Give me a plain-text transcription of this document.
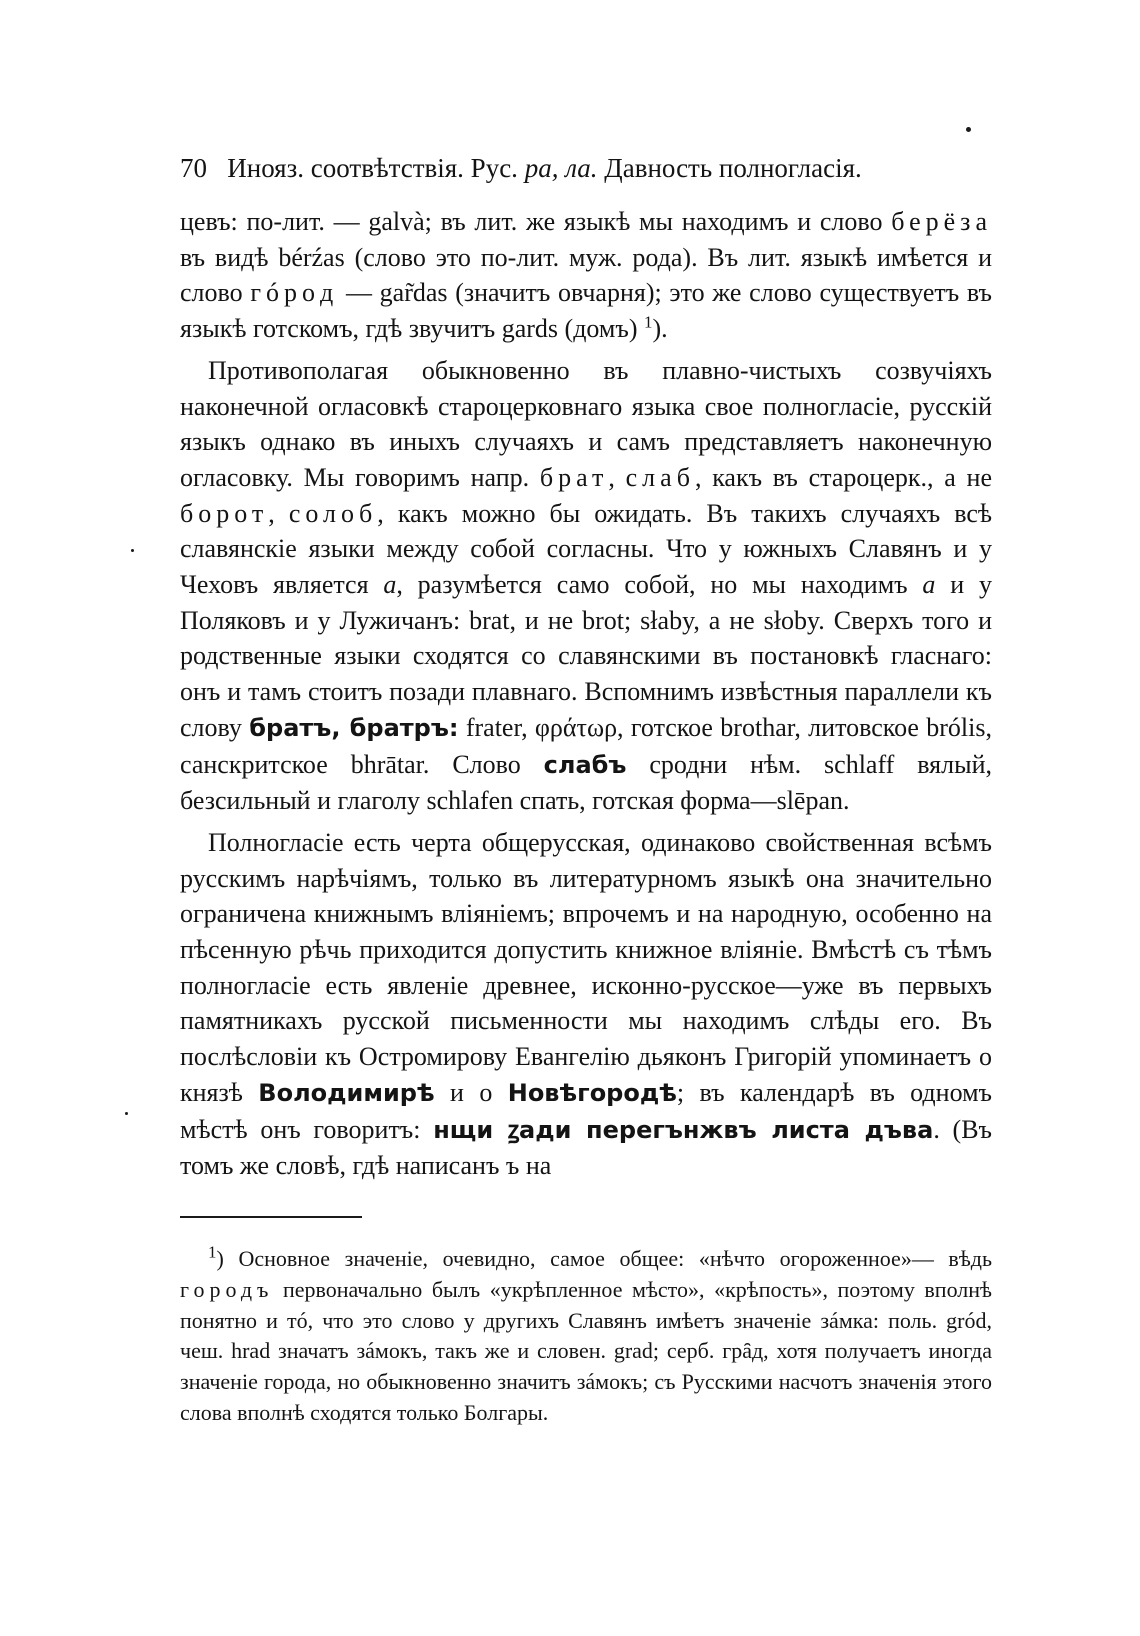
70 Инояз. соотвѣтствія. Рус. ра, ла. Давность полногласія.

цевъ: по-лит. — galvà; въ лит. же языкѣ мы находимъ и слово берёза въ видѣ bérźas (слово это по-лит. муж. рода). Въ лит. языкѣ имѣется и слово гópoд — gar̃das (значитъ овчарня); это же слово существуетъ въ языкѣ готскомъ, гдѣ звучитъ gards (домъ) $^1$).

Противополагая обыкновенно въ плавно-чистыхъ созвучіяхъ наконечной огласовкѣ староцерковнаго языка свое полногласіе, русскій языкъ однако въ иныхъ случаяхъ и самъ представляетъ наконечную огласовку. Мы говоримъ напр. брат, слаб, какъ въ староцерк., а не борот, солоб, какъ можно бы ожидать. Въ такихъ случаяхъ всѣ славянскіе языки между собой согласны. Что у южныхъ Славянъ и у Чеховъ является а, разумѣется само собой, но мы находимъ а и у Поляковъ и у Лужичанъ: brat, и не brot; słaby, а не słoby. Сверхъ того и родственные языки сходятся со славянскими въ постановкѣ гласнаго: онъ и тамъ стоитъ позади плавнаго. Вспомнимъ извѣстныя параллели къ слову братъ, братръ: frater, φράτωρ, готское brothar, литовское brólis, санскритское bhrātar. Слово слабъ сродни нѣм. schlaff вялый, безсильный и глаголу schlafen спать, готская форма—slēpan.

Полногласіе есть черта общерусская, одинаково свойственная всѣмъ русскимъ нарѣчіямъ, только въ литературномъ языкѣ она значительно ограничена книжнымъ вліяніемъ; впрочемъ и на народную, особенно на пѣсенную рѣчь приходится допустить книжное вліяніе. Вмѣстѣ съ тѣмъ полногласіе есть явленіе древнее, исконно-русское—уже въ первыхъ памятникахъ русской письменности мы находимъ слѣды его. Въ послѣсловіи къ Остромирову Евангелію дьяконъ Григорій упоминаетъ о князѣ Володимирѣ и о Новѣгородѣ; въ календарѣ въ одномъ мѣстѣ онъ говоритъ: нщи ꙁади перегънжвъ листа дъва. (Въ томъ же словѣ, гдѣ написанъ ъ на

$^1$) Основное значеніе, очевидно, самое общее: «нѣчто огороженное»— вѣдь городъ первоначально былъ «укрѣпленное мѣсто», «крѣпость», поэтому вполнѣ понятно и тó, что это слово у другихъ Славянъ имѣетъ значеніе зáмка: поль. gród, чеш. hrad значатъ зáмокъ, такъ же и словен. grad; серб. грȃд, хотя получаетъ иногда значеніе города, но обыкновенно значитъ зáмокъ; съ Русскими насчотъ значенія этого слова вполнѣ сходятся только Болгары.
